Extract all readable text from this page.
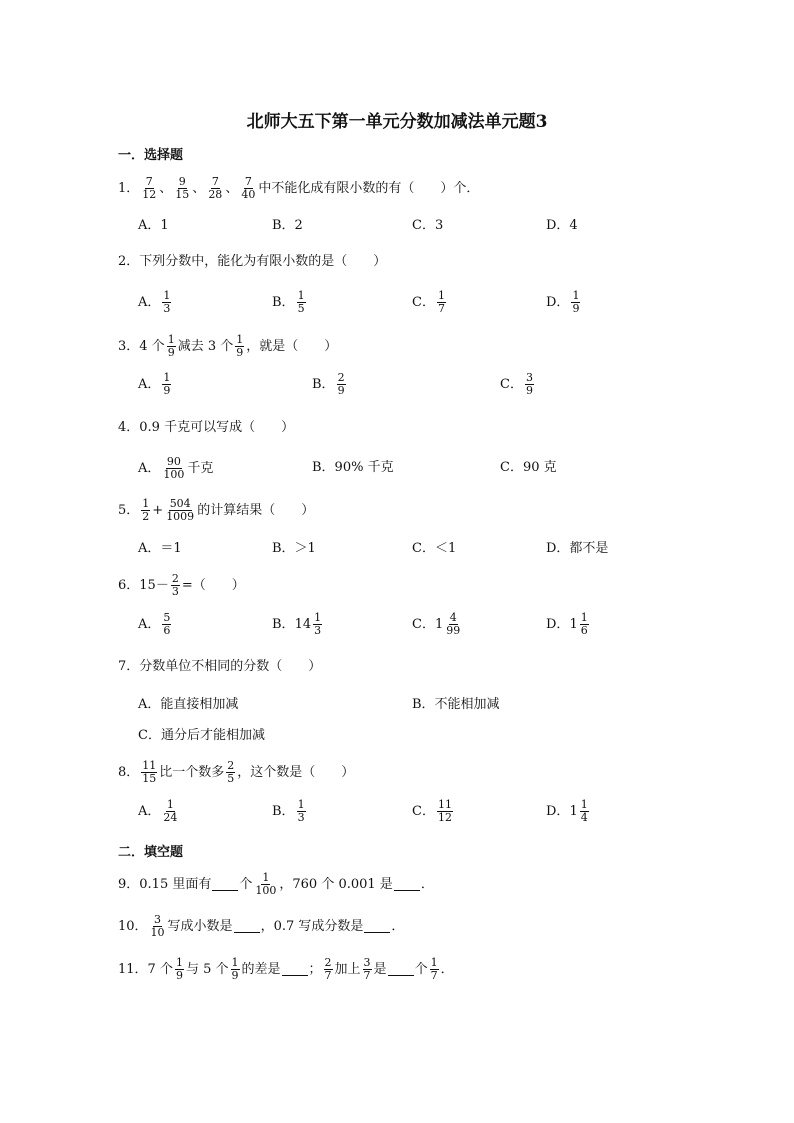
北师大五下第一单元分数加减法单元题3
一．选择题
1． $\frac{7}{12}$ 、 $\frac{9}{15}$ 、 $\frac{7}{28}$ 、 $\frac{7}{40}$ 中不能化成有限小数的有（　　）个．
A．1	B．2	C．3	D．4
2． 下列分数中，能化为有限小数的是（　　）
A． $\frac{1}{3}$	B． $\frac{1}{5}$	C． $\frac{1}{7}$	D． $\frac{1}{9}$
3． 4 个 $\frac{1}{9}$ 减去 3 个 $\frac{1}{9}$ ，就是（　　）
A． $\frac{1}{9}$	B． $\frac{2}{9}$	C． $\frac{3}{9}$
4． 0.9 千克可以写成（　　）
A． $\frac{90}{100}$ 千克	B．90% 千克	C．90 克
5． $\frac{1}{2} + \frac{504}{1009}$ 的计算结果（　　）
A．＝1	B．＞1	C．＜1	D．都不是
6． $15- \frac{2}{3}$ =（　　）
A． $\frac{5}{6}$	B． $14 \frac{1}{3}$	C． $1 \frac{4}{99}$	D． $1 \frac{1}{6}$
7． 分数单位不相同的分数（　　）
A．能直接相加减	B．不能相加减
C．通分后才能相加减
8． $\frac{11}{15}$ 比一个数多 $\frac{2}{5}$ ，这个数是（　　）
A． $\frac{1}{24}$	B． $\frac{1}{3}$	C． $\frac{11}{12}$	D． $1 \frac{1}{4}$
二．填空题
9． 0.15 里面有 个 $\frac{1}{100}$ ，760 个 0.001 是 ．
10． $\frac{3}{10}$ 写成小数是 ，0.7 写成分数是 ．
11． 7 个 $\frac{1}{9}$ 与 5 个 $\frac{1}{9}$ 的差是 ； $\frac{2}{7}$ 加上 $\frac{3}{7}$ 是 个 $\frac{1}{7}$ ．
